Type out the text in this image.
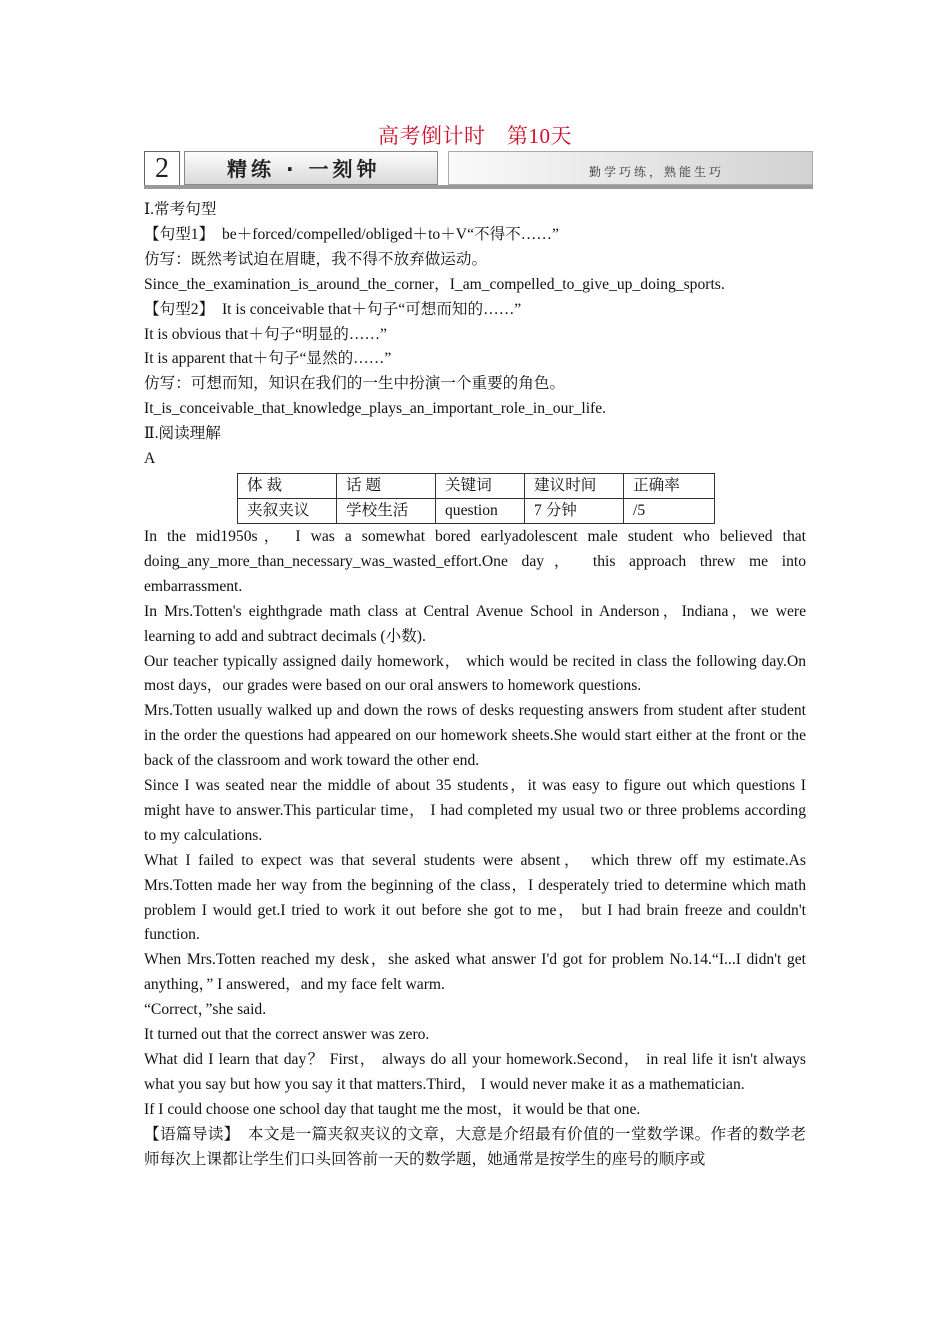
高考倒计时　第10天
2	精练 · 一刻钟	勤学巧练，熟能生巧

Ⅰ.常考句型

【句型1】　be＋forced/compelled/obliged＋to＋V“不得不……”

仿写：既然考试迫在眉睫，我不得不放弃做运动。

Since_the_examination_is_around_the_corner，I_am_compelled_to_give_up_doing_sports.

【句型2】　It is conceivable that＋句子“可想而知的……”

It is obvious that＋句子“明显的……”

It is apparent that＋句子“显然的……”

仿写：可想而知，知识在我们的一生中扮演一个重要的角色。

It_is_conceivable_that_knowledge_plays_an_important_role_in_our_life.

Ⅱ.阅读理解

A

体 裁	话 题	关键词	建议时间	正确率
夹叙夹议	学校生活	question	7 分钟	/5

In the mid1950s， I was a somewhat bored earlyadolescent male student who believed that doing_any_more_than_necessary_was_wasted_effort.One day， this approach threw me into embarrassment.

In Mrs.Totten's eighthgrade math class at Central Avenue School in Anderson，Indiana，we were learning to add and subtract decimals (小数).

Our teacher typically assigned daily homework， which would be recited in class the following day.On most days，our grades were based on our oral answers to homework questions.

Mrs.Totten usually walked up and down the rows of desks requesting answers from student after student in the order the questions had appeared on our homework sheets.She would start either at the front or the back of the classroom and work toward the other end.

Since I was seated near the middle of about 35 students，it was easy to figure out which questions I might have to answer.This particular time， I had completed my usual two or three problems according to my calculations.

What I failed to expect was that several students were absent， which threw off my estimate.As Mrs.Totten made her way from the beginning of the class，I desperately tried to determine which math problem I would get.I tried to work it out before she got to me， but I had brain freeze and couldn't function.

When Mrs.Totten reached my desk，she asked what answer I'd got for problem No.14.“I...I didn't get anything，” I answered，and my face felt warm.

“Correct，”she said.

It turned out that the correct answer was zero.

What did I learn that day？ First， always do all your homework.Second， in real life it isn't always what you say but how you say it that matters.Third， I would never make it as a mathematician.

If I could choose one school day that taught me the most，it would be that one.

【语篇导读】　本文是一篇夹叙夹议的文章，大意是介绍最有价值的一堂数学课。作者的数学老师每次上课都让学生们口头回答前一天的数学题，她通常是按学生的座号的顺序或
